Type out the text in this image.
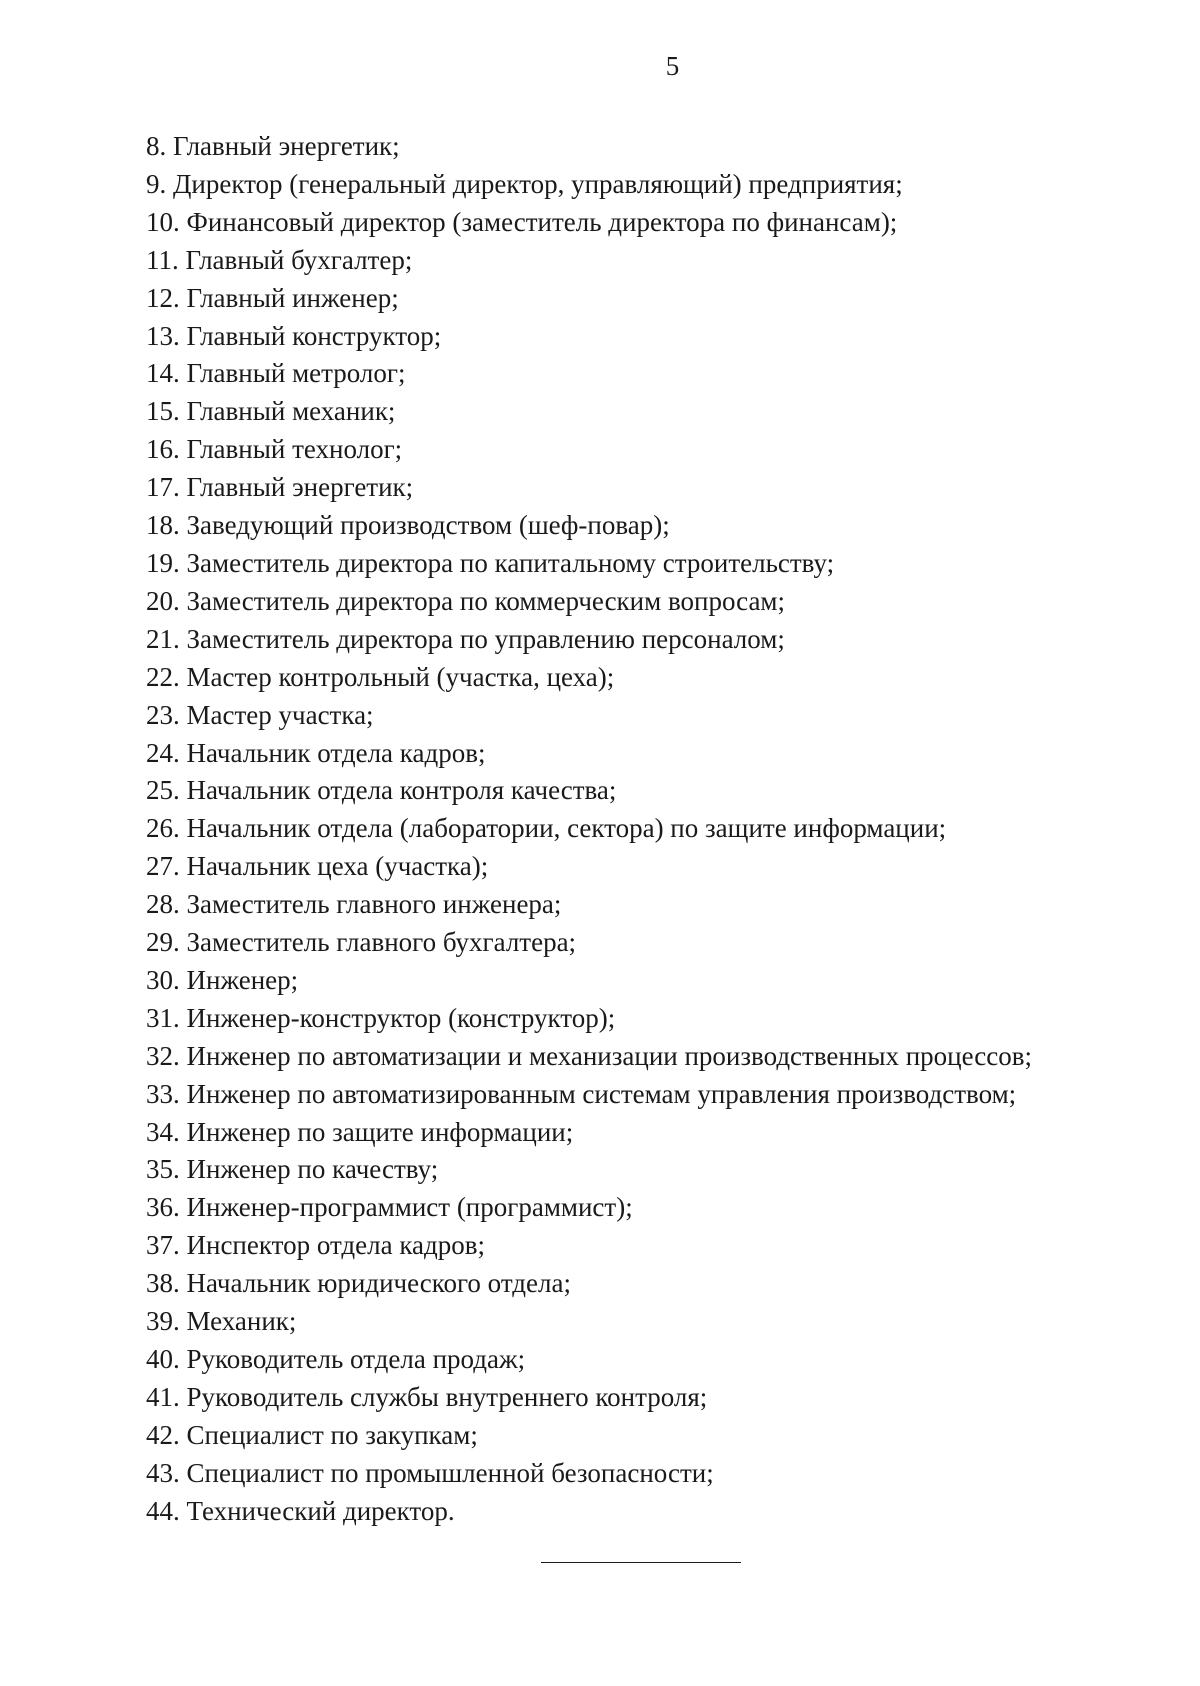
5
8. Главный энергетик;
9. Директор (генеральный директор, управляющий) предприятия;
10. Финансовый директор (заместитель директора по финансам);
11. Главный бухгалтер;
12. Главный инженер;
13. Главный конструктор;
14. Главный метролог;
15. Главный механик;
16. Главный технолог;
17. Главный энергетик;
18. Заведующий производством (шеф-повар);
19. Заместитель директора по капитальному строительству;
20. Заместитель директора по коммерческим вопросам;
21. Заместитель директора по управлению персоналом;
22. Мастер контрольный (участка, цеха);
23. Мастер участка;
24. Начальник отдела кадров;
25. Начальник отдела контроля качества;
26. Начальник отдела (лаборатории, сектора) по защите информации;
27. Начальник цеха (участка);
28. Заместитель главного инженера;
29. Заместитель главного бухгалтера;
30. Инженер;
31. Инженер-конструктор (конструктор);
32. Инженер по автоматизации и механизации производственных процессов;
33. Инженер по автоматизированным системам управления производством;
34. Инженер по защите информации;
35. Инженер по качеству;
36. Инженер-программист (программист);
37. Инспектор отдела кадров;
38. Начальник юридического отдела;
39. Механик;
40. Руководитель отдела продаж;
41. Руководитель службы внутреннего контроля;
42. Специалист по закупкам;
43. Специалист по промышленной безопасности;
44. Технический директор.
